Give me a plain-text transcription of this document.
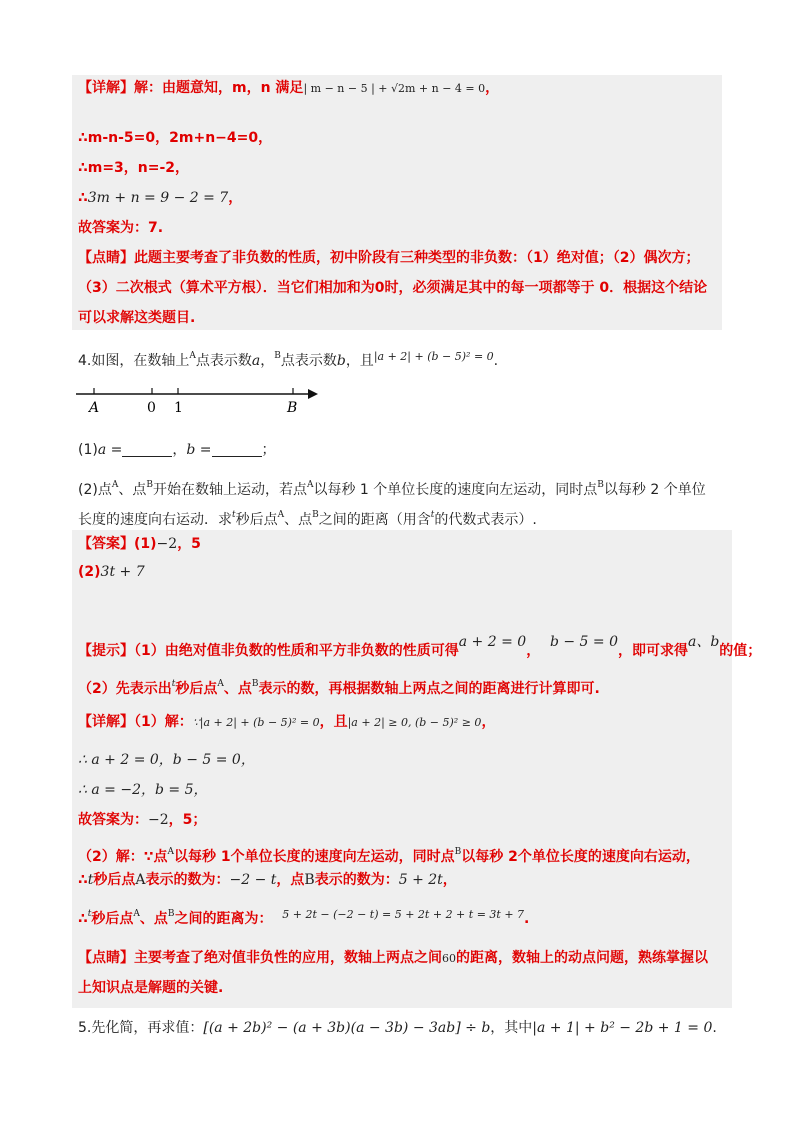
【详解】解：由题意知，m，n 满足| m − n − 5 | + √2m + n − 4 = 0，
∴m-n-5=0，2m+n−4=0，
∴m=3，n=-2，
∴3m + n = 9 − 2 = 7，
故答案为：7.
【点睛】此题主要考查了非负数的性质，初中阶段有三种类型的非负数：（1）绝对值；（2）偶次方；
（3）二次根式（算术平方根）．当它们相加和为0时，必须满足其中的每一项都等于 0．根据这个结论
可以求解这类题目.
4.如图，在数轴上$^A$点表示数a，$^B$点表示数b，且$^{|a + 2| + (b - 5)^2 = 0}$.
A	0 1	B
(1)a =	，b =	；
(2)点$^A$、点$^B$开始在数轴上运动，若点$^A$以每秒 1 个单位长度的速度向左运动，同时点$^B$以每秒 2 个单位
长度的速度向右运动．求$^t$秒后点$^A$、点$^B$之间的距离（用含$^t$的代数式表示）.
【答案】(1)−2，5
(2)3t + 7
【提示】（1）由绝对值非负数的性质和平方非负数的性质可得a + 2 = 0，  b − 5 = 0，即可求得a、b的值；
（2）先表示出$^t$秒后点$^A$、点$^B$表示的数，再根据数轴上两点之间的距离进行计算即可.
【详解】（1）解：∵|a + 2| + (b − 5)² = 0，且|a + 2| ≥ 0, (b − 5)² ≥ 0，
∴ a + 2 = 0，b − 5 = 0，
∴ a = −2，b = 5，
故答案为：−2，5；
（2）解：∵点$^A$以每秒 1个单位长度的速度向左运动，同时点$^B$以每秒 2个单位长度的速度向右运动，
∴t秒后点A表示的数为：−2 − t，点B表示的数为：5 + 2t，
∴$^t$秒后点$^A$、点$^B$之间的距离为： $^{5 + 2t - (-2 - t) = 5 + 2t + 2 + t = 3t + 7}$.
【点睛】主要考查了绝对值非负性的应用，数轴上两点之间60的距离，数轴上的动点问题，熟练掌握以
上知识点是解题的关键.
5.先化简，再求值：[(a + 2b)² − (a + 3b)(a − 3b) − 3ab] ÷ b，其中|a + 1| + b² − 2b + 1 = 0.
